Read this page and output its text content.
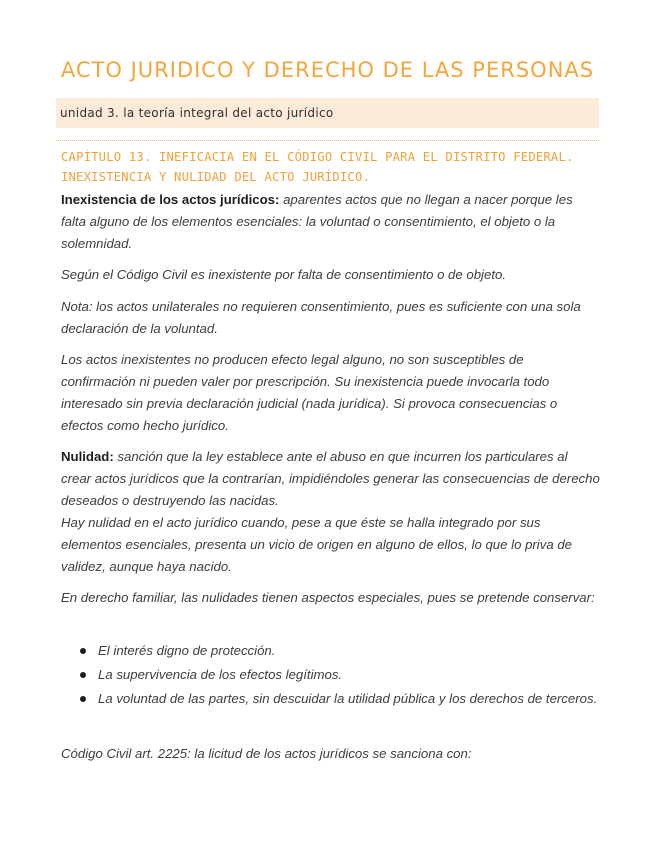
ACTO JURIDICO Y DERECHO DE LAS PERSONAS
unidad 3. la teoría integral del acto jurídico
CAPÍTULO 13. INEFICACIA EN EL CÓDIGO CIVIL PARA EL DISTRITO FEDERAL. INEXISTENCIA Y NULIDAD DEL ACTO JURÍDICO.
Inexistencia de los actos jurídicos: aparentes actos que no llegan a nacer porque les falta alguno de los elementos esenciales: la voluntad o consentimiento, el objeto o la solemnidad.
Según el Código Civil es inexistente por falta de consentimiento o de objeto.
Nota: los actos unilaterales no requieren consentimiento, pues es suficiente con una sola declaración de la voluntad.
Los actos inexistentes no producen efecto legal alguno, no son susceptibles de confirmación ni pueden valer por prescripción. Su inexistencia puede invocarla todo interesado sin previa declaración judicial (nada jurídica). Si provoca consecuencias o efectos como hecho jurídico.
Nulidad: sanción que la ley establece ante el abuso en que incurren los particulares al crear actos jurídicos que la contrarían, impidiéndoles generar las consecuencias de derecho deseados o destruyendo las nacidas.
Hay nulidad en el acto jurídico cuando, pese a que éste se halla integrado por sus elementos esenciales, presenta un vicio de origen en alguno de ellos, lo que lo priva de validez, aunque haya nacido.
En derecho familiar, las nulidades tienen aspectos especiales, pues se pretende conservar:
El interés digno de protección.
La supervivencia de los efectos legítimos.
La voluntad de las partes, sin descuidar la utilidad pública y los derechos de terceros.
Código Civil art. 2225: la licitud de los actos jurídicos se sanciona con:
